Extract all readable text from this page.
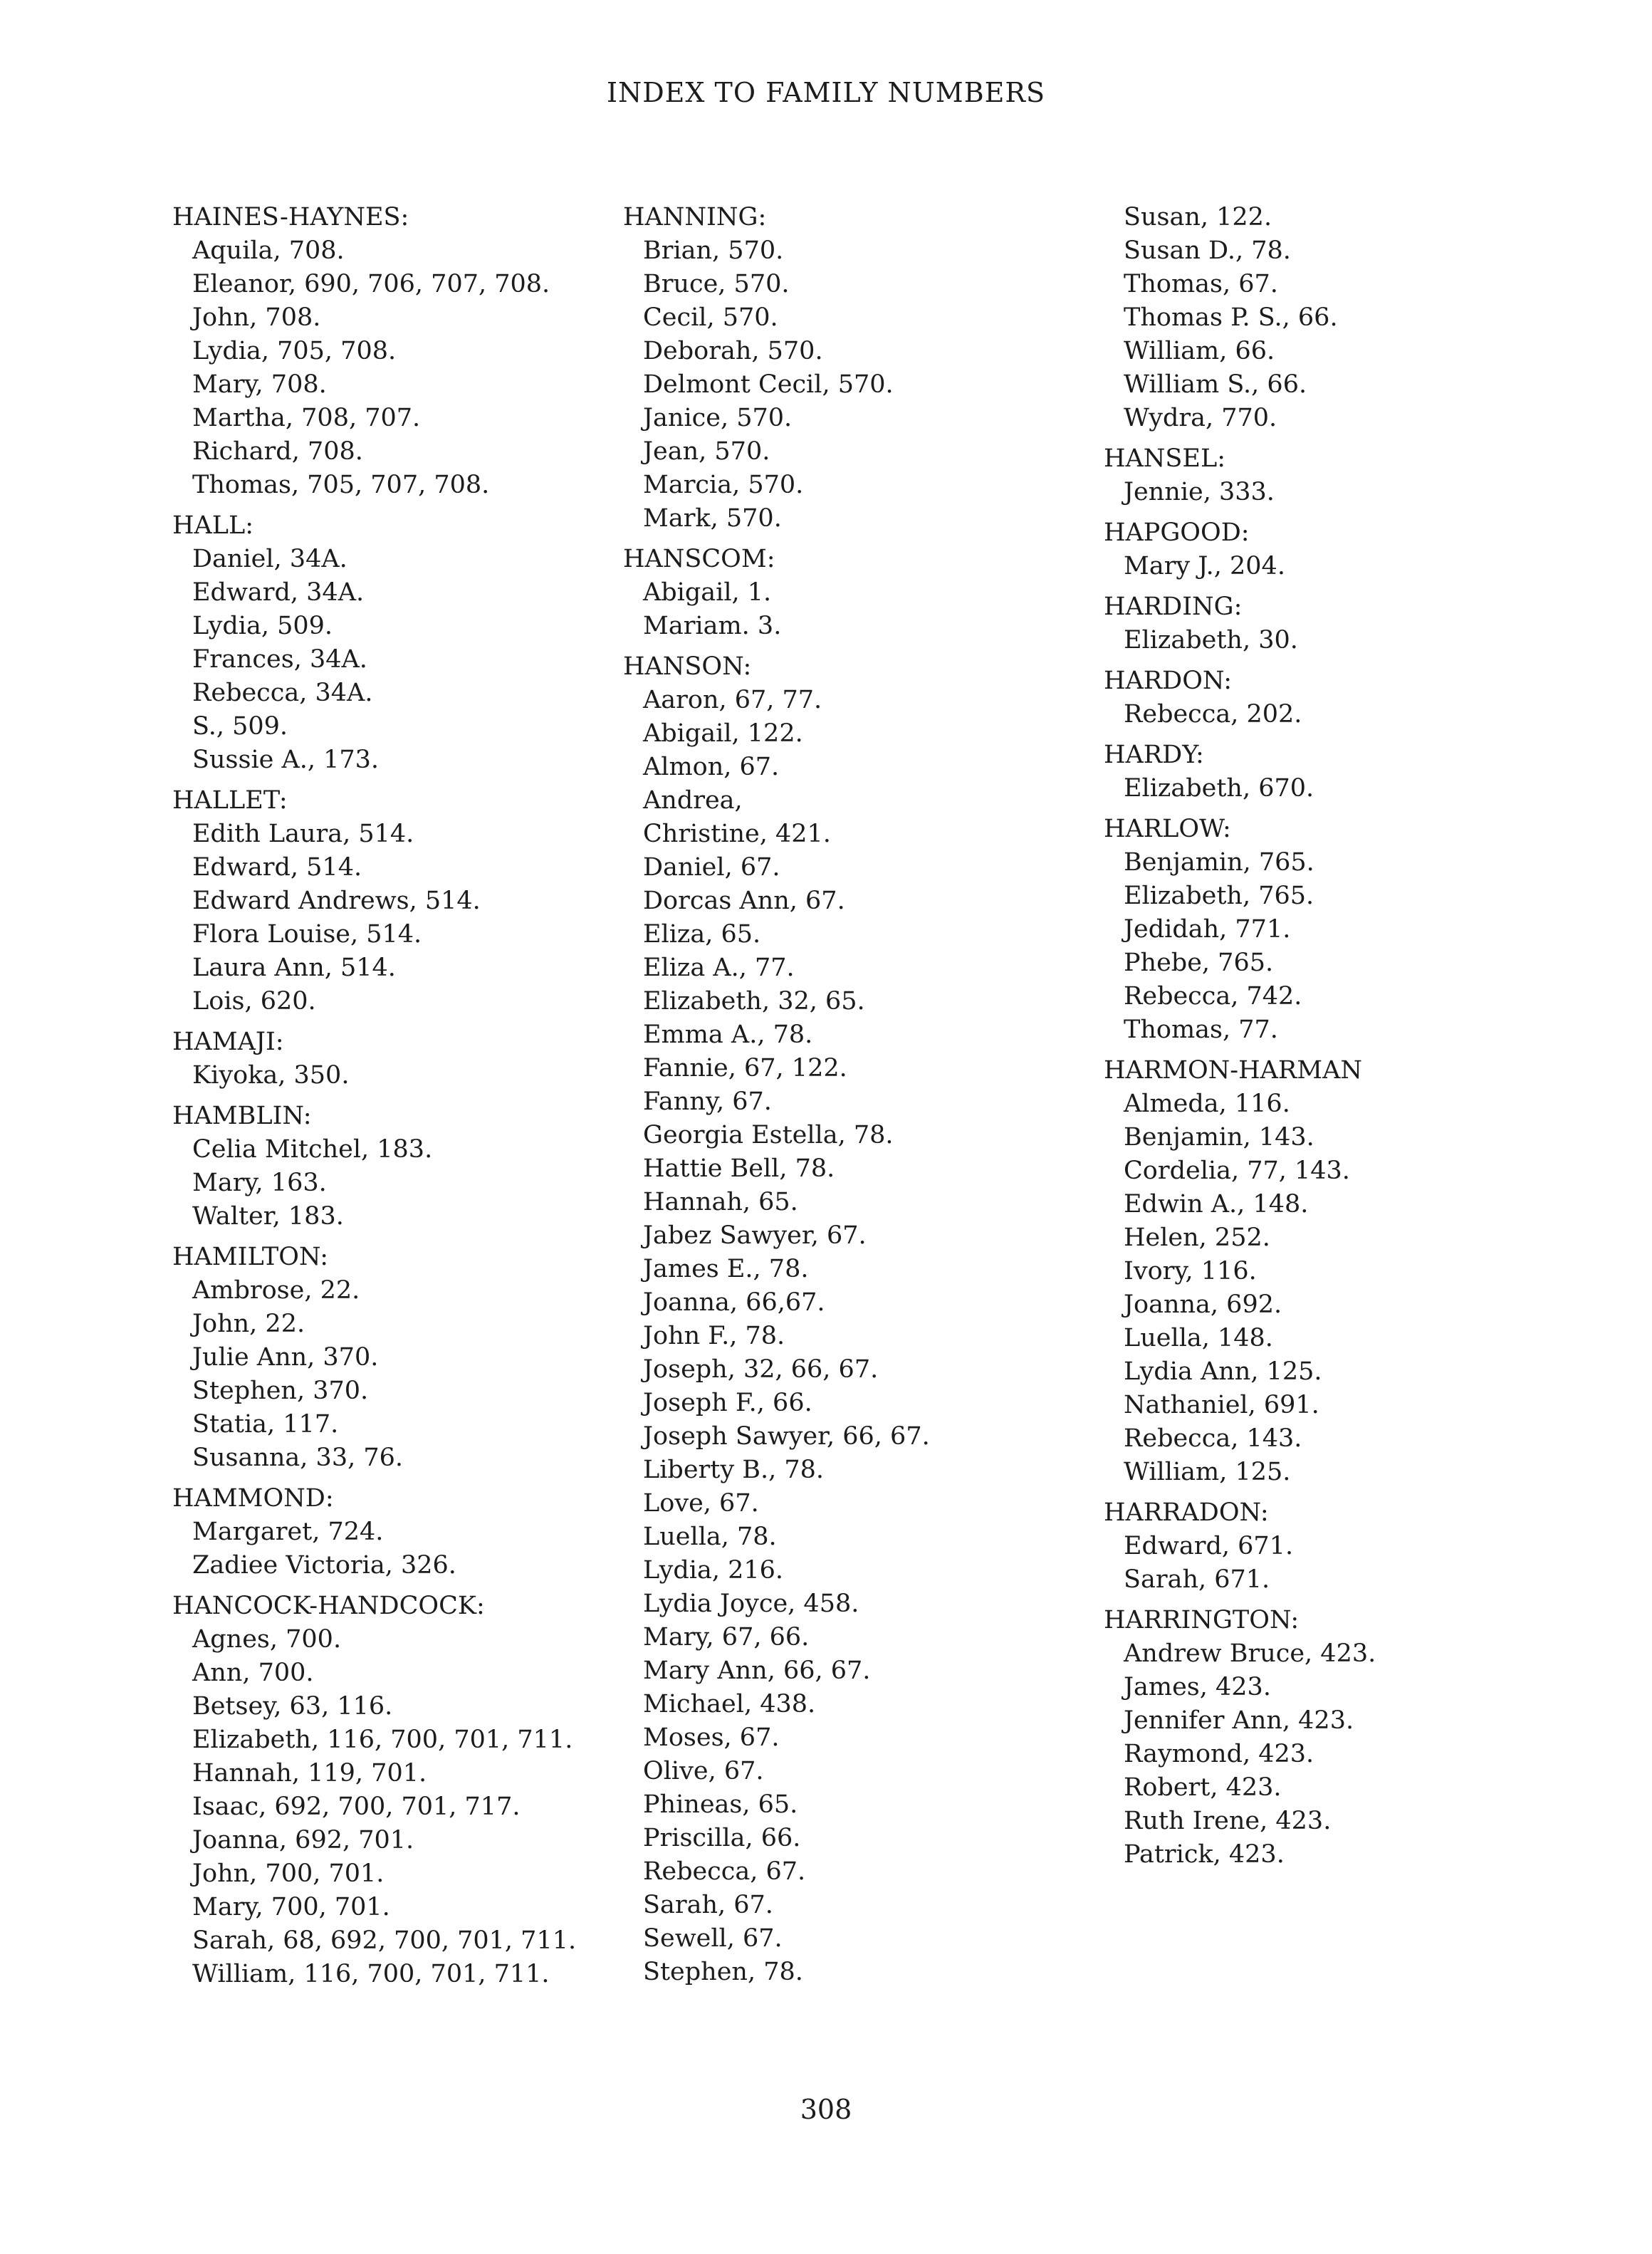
INDEX TO FAMILY NUMBERS
HAINES-HAYNES:
Aquila, 708.
Eleanor, 690, 706, 707, 708.
John, 708.
Lydia, 705, 708.
Mary, 708.
Martha, 708, 707.
Richard, 708.
Thomas, 705, 707, 708.
HALL:
Daniel, 34A.
Edward, 34A.
Lydia, 509.
Frances, 34A.
Rebecca, 34A.
S., 509.
Sussie A., 173.
HALLET:
Edith Laura, 514.
Edward, 514.
Edward Andrews, 514.
Flora Louise, 514.
Laura Ann, 514.
Lois, 620.
HAMAJI:
Kiyoka, 350.
HAMBLIN:
Celia Mitchel, 183.
Mary, 163.
Walter, 183.
HAMILTON:
Ambrose, 22.
John, 22.
Julie Ann, 370.
Stephen, 370.
Statia, 117.
Susanna, 33, 76.
HAMMOND:
Margaret, 724.
Zadiee Victoria, 326.
HANCOCK-HANDCOCK:
Agnes, 700.
Ann, 700.
Betsey, 63, 116.
Elizabeth, 116, 700, 701, 711.
Hannah, 119, 701.
Isaac, 692, 700, 701, 717.
Joanna, 692, 701.
John, 700, 701.
Mary, 700, 701.
Sarah, 68, 692, 700, 701, 711.
William, 116, 700, 701, 711.
HANNING:
Brian, 570.
Bruce, 570.
Cecil, 570.
Deborah, 570.
Delmont Cecil, 570.
Janice, 570.
Jean, 570.
Marcia, 570.
Mark, 570.
HANSCOM:
Abigail, 1.
Mariam. 3.
HANSON:
Aaron, 67, 77.
Abigail, 122.
Almon, 67.
Andrea,
Christine, 421.
Daniel, 67.
Dorcas Ann, 67.
Eliza, 65.
Eliza A., 77.
Elizabeth, 32, 65.
Emma A., 78.
Fannie, 67, 122.
Fanny, 67.
Georgia Estella, 78.
Hattie Bell, 78.
Hannah, 65.
Jabez Sawyer, 67.
James E., 78.
Joanna, 66,67.
John F., 78.
Joseph, 32, 66, 67.
Joseph F., 66.
Joseph Sawyer, 66, 67.
Liberty B., 78.
Love, 67.
Luella, 78.
Lydia, 216.
Lydia Joyce, 458.
Mary, 67, 66.
Mary Ann, 66, 67.
Michael, 438.
Moses, 67.
Olive, 67.
Phineas, 65.
Priscilla, 66.
Rebecca, 67.
Sarah, 67.
Sewell, 67.
Stephen, 78.
Susan, 122.
Susan D., 78.
Thomas, 67.
Thomas P. S., 66.
William, 66.
William S., 66.
Wydra, 770.
HANSEL:
Jennie, 333.
HAPGOOD:
Mary J., 204.
HARDING:
Elizabeth, 30.
HARDON:
Rebecca, 202.
HARDY:
Elizabeth, 670.
HARLOW:
Benjamin, 765.
Elizabeth, 765.
Jedidah, 771.
Phebe, 765.
Rebecca, 742.
Thomas, 77.
HARMON-HARMAN
Almeda, 116.
Benjamin, 143.
Cordelia, 77, 143.
Edwin A., 148.
Helen, 252.
Ivory, 116.
Joanna, 692.
Luella, 148.
Lydia Ann, 125.
Nathaniel, 691.
Rebecca, 143.
William, 125.
HARRADON:
Edward, 671.
Sarah, 671.
HARRINGTON:
Andrew Bruce, 423.
James, 423.
Jennifer Ann, 423.
Raymond, 423.
Robert, 423.
Ruth Irene, 423.
Patrick, 423.
308
